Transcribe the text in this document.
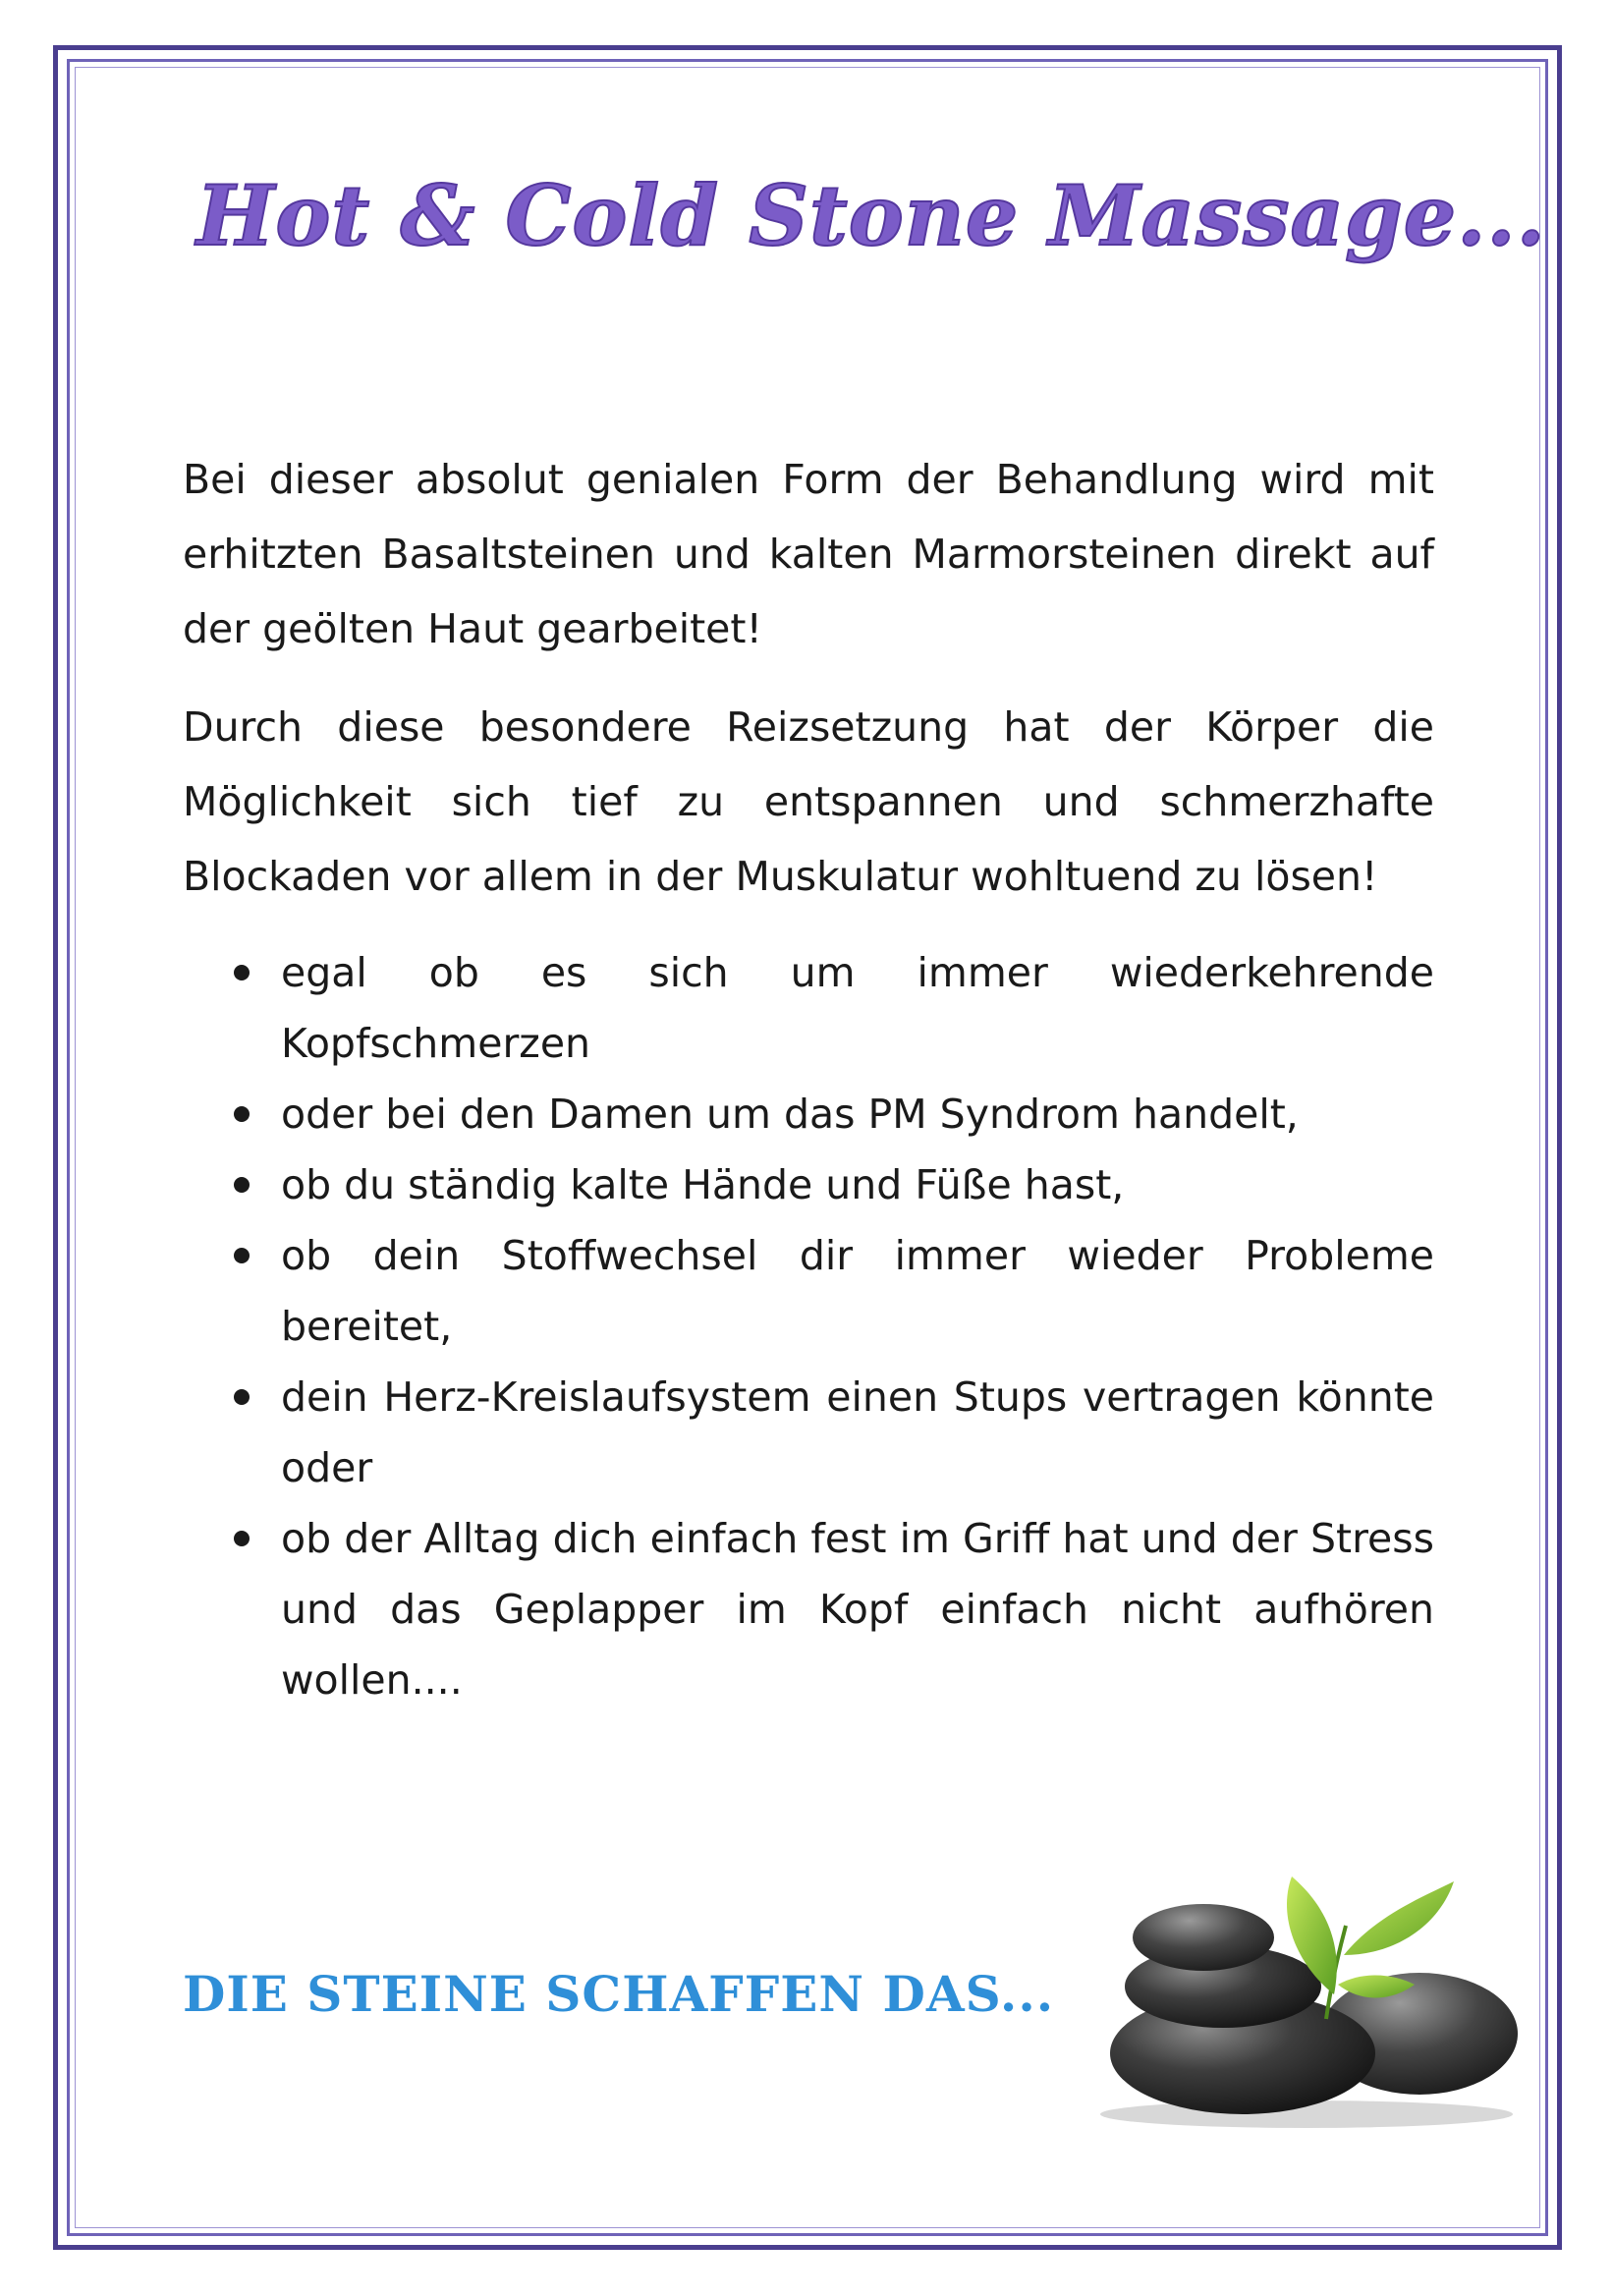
Hot & Cold Stone Massage...

Bei dieser absolut genialen Form der Behandlung wird mit erhitzten Basaltsteinen und kalten Marmorsteinen direkt auf der geölten Haut gearbeitet!

Durch diese besondere Reizsetzung hat der Körper die Möglichkeit sich tief zu entspannen und schmerzhafte Blockaden vor allem in der Muskulatur wohltuend zu lösen!

egal ob es sich um immer wiederkehrende Kopfschmerzen
oder bei den Damen um das PM Syndrom handelt,
ob du ständig kalte Hände und Füße hast,
ob dein Stoffwechsel dir immer wieder Probleme bereitet,
dein Herz-Kreislaufsystem einen Stups vertragen könnte oder
ob der Alltag dich einfach fest im Griff hat und der Stress und das Geplapper im Kopf einfach nicht aufhören wollen....
DIE STEINE SCHAFFEN DAS...
